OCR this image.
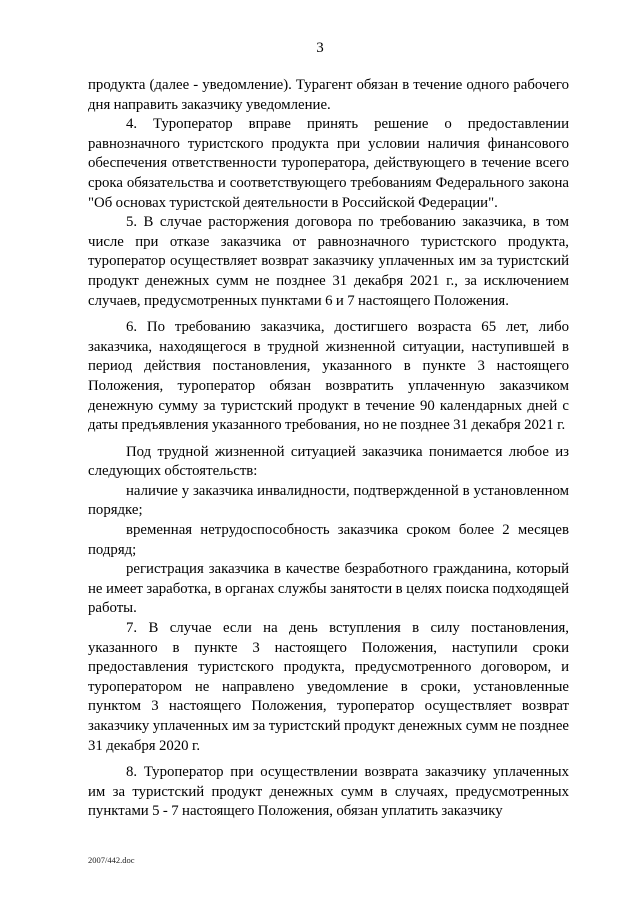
3

продукта (далее - уведомление). Турагент обязан в течение одного рабочего дня направить заказчику уведомление.

4. Туроператор вправе принять решение о предоставлении равнозначного туристского продукта при условии наличия финансового обеспечения ответственности туроператора, действующего в течение всего срока обязательства и соответствующего требованиям Федерального закона "Об основах туристской деятельности в Российской Федерации".

5. В случае расторжения договора по требованию заказчика, в том числе при отказе заказчика от равнозначного туристского продукта, туроператор осуществляет возврат заказчику уплаченных им за туристский продукт денежных сумм не позднее 31 декабря 2021 г., за исключением случаев, предусмотренных пунктами 6 и 7 настоящего Положения.

6. По требованию заказчика, достигшего возраста 65 лет, либо заказчика, находящегося в трудной жизненной ситуации, наступившей в период действия постановления, указанного в пункте 3 настоящего Положения, туроператор обязан возвратить уплаченную заказчиком денежную сумму за туристский продукт в течение 90 календарных дней с даты предъявления указанного требования, но не позднее 31 декабря 2021 г.

Под трудной жизненной ситуацией заказчика понимается любое из следующих обстоятельств:

наличие у заказчика инвалидности, подтвержденной в установленном порядке;

временная нетрудоспособность заказчика сроком более 2 месяцев подряд;

регистрация заказчика в качестве безработного гражданина, который не имеет заработка, в органах службы занятости в целях поиска подходящей работы.

7. В случае если на день вступления в силу постановления, указанного в пункте 3 настоящего Положения, наступили сроки предоставления туристского продукта, предусмотренного договором, и туроператором не направлено уведомление в сроки, установленные пунктом 3 настоящего Положения, туроператор осуществляет возврат заказчику уплаченных им за туристский продукт денежных сумм не позднее 31 декабря 2020 г.

8. Туроператор при осуществлении возврата заказчику уплаченных им за туристский продукт денежных сумм в случаях, предусмотренных пунктами 5 - 7 настоящего Положения, обязан уплатить заказчику

2007/442.doc
